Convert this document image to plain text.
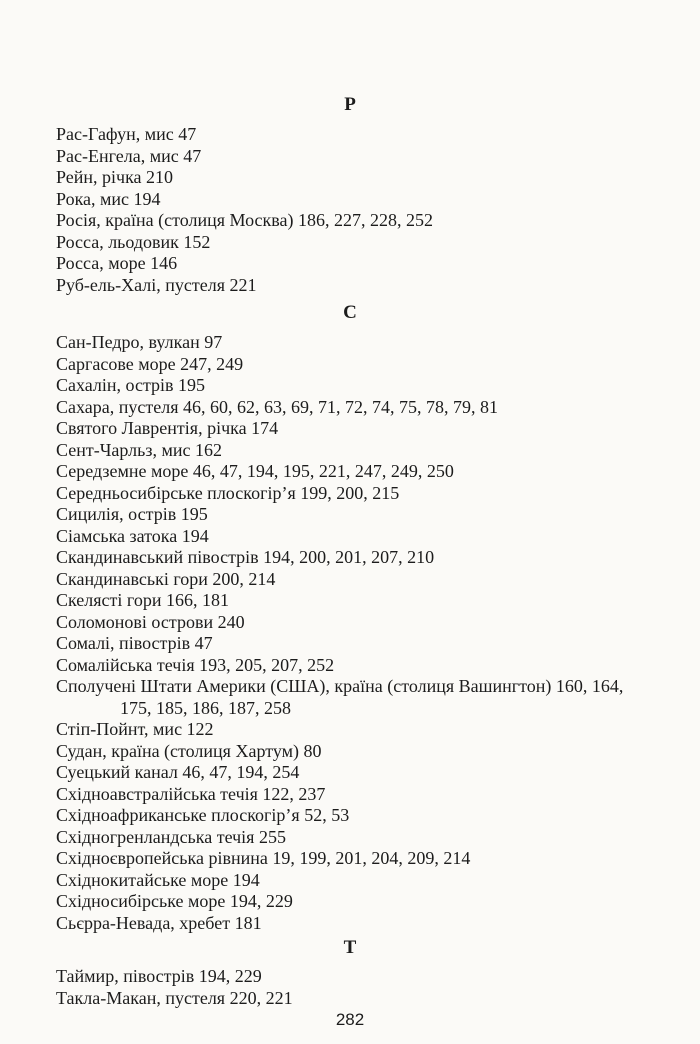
Р
Рас-Гафун, мис 47
Рас-Енгела, мис 47
Рейн, річка 210
Рока, мис 194
Росія, країна (столиця Москва) 186, 227, 228, 252
Росса, льодовик 152
Росса, море 146
Руб-ель-Халі, пустеля 221
С
Сан-Педро, вулкан 97
Саргасове море 247, 249
Сахалін, острів 195
Сахара, пустеля 46, 60, 62, 63, 69, 71, 72, 74, 75, 78, 79, 81
Святого Лаврентія, річка 174
Сент-Чарльз, мис 162
Середземне море 46, 47, 194, 195, 221, 247, 249, 250
Середньосибірське плоскогір’я 199, 200, 215
Сицилія, острів 195
Сіамська затока 194
Скандинавський півострів 194, 200, 201, 207, 210
Скандинавські гори 200, 214
Скелясті гори 166, 181
Соломонові острови 240
Сомалі, півострів 47
Сомалійська течія 193, 205, 207, 252
Сполучені Штати Америки (США), країна (столиця Вашингтон) 160, 164,
175, 185, 186, 187, 258
Стіп-Пойнт, мис 122
Судан, країна (столиця Хартум) 80
Суецький канал 46, 47, 194, 254
Східноавстралійська течія 122, 237
Східноафриканське плоскогір’я 52, 53
Східногренландська течія 255
Східноєвропейська рівнина 19, 199, 201, 204, 209, 214
Східнокитайське море 194
Східносибірське море 194, 229
Сьєрра-Невада, хребет 181
Т
Таймир, півострів 194, 229
Такла-Макан, пустеля 220, 221
282
